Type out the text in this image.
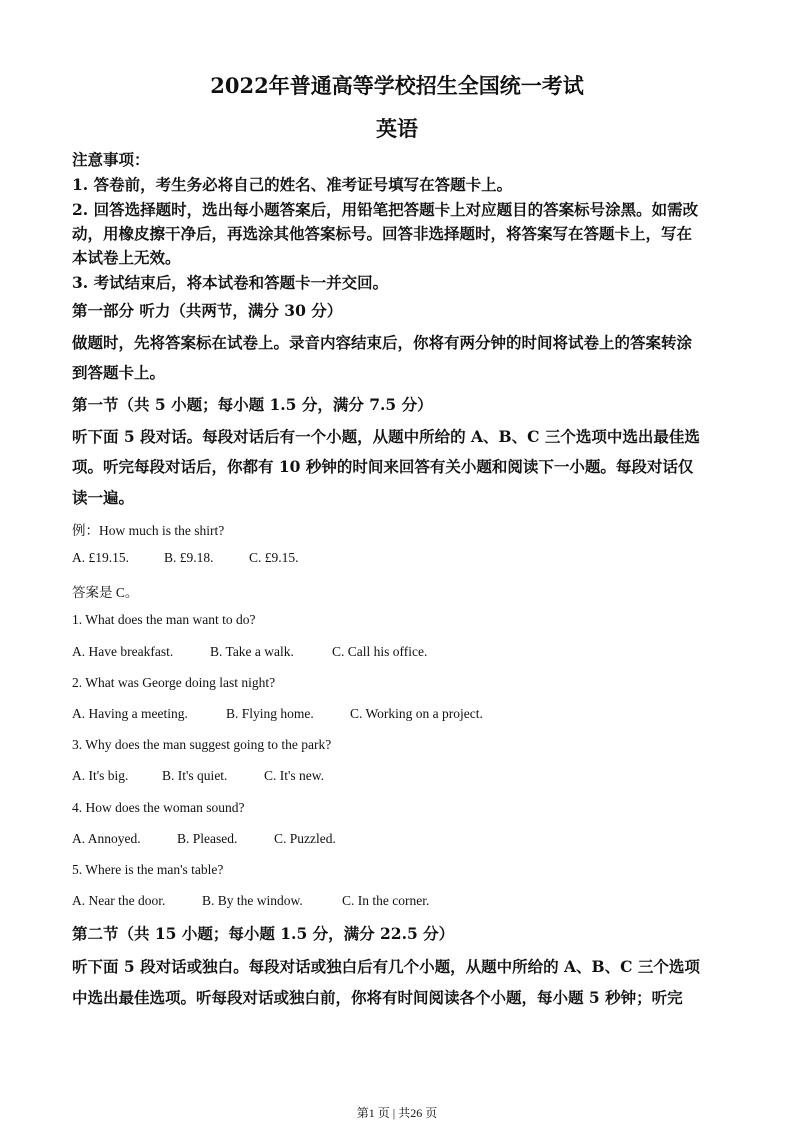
2022年普通高等学校招生全国统一考试
英语
注意事项：
1. 答卷前，考生务必将自己的姓名、准考证号填写在答题卡上。
2. 回答选择题时，选出每小题答案后，用铅笔把答题卡上对应题目的答案标号涂黑。如需改
动，用橡皮擦干净后，再选涂其他答案标号。回答非选择题时，将答案写在答题卡上，写在
本试卷上无效。
3. 考试结束后，将本试卷和答题卡一并交回。
第一部分 听力（共两节，满分 30 分）
做题时，先将答案标在试卷上。录音内容结束后，你将有两分钟的时间将试卷上的答案转涂
到答题卡上。
第一节（共 5 小题；每小题 1.5 分，满分 7.5 分）
听下面 5 段对话。每段对话后有一个小题，从题中所给的 A、B、C 三个选项中选出最佳选
项。听完每段对话后，你都有 10 秒钟的时间来回答有关小题和阅读下一小题。每段对话仅
读一遍。
例：How much is the shirt?
A. £19.15.	B. £9.18.	C. £9.15.
答案是 C。
1. What does the man want to do?
A. Have breakfast.	B. Take a walk.	C. Call his office.
2. What was George doing last night?
A. Having a meeting.	B. Flying home.	C. Working on a project.
3. Why does the man suggest going to the park?
A. It's big. B. It's quiet.	C. It's new.
4. How does the woman sound?
A. Annoyed.	B. Pleased.	C. Puzzled.
5. Where is the man's table?
A. Near the door.	B. By the window.	C. In the corner.
第二节（共 15 小题；每小题 1.5 分，满分 22.5 分）
听下面 5 段对话或独白。每段对话或独白后有几个小题，从题中所给的 A、B、C 三个选项
中选出最佳选项。听每段对话或独白前，你将有时间阅读各个小题，每小题 5 秒钟；听完
第1 页 | 共26 页
